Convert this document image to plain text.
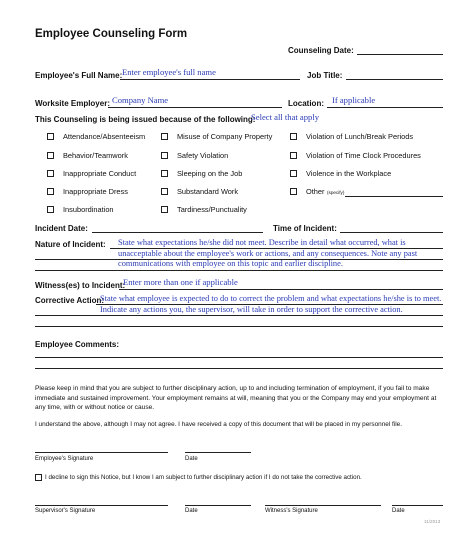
Employee Counseling Form
Counseling Date:
Employee's Full Name: Enter employee's full name	Job Title:
Worksite Employer: Company Name	Location: If applicable
This Counseling is being issued because of the following:
Select all that apply
Attendance/Absenteeism
Behavior/Teamwork
Inappropriate Conduct
Inappropriate Dress
Insubordination
Misuse of Company Property
Safety Violation
Sleeping on the Job
Substandard Work
Tardiness/Punctuality
Violation of Lunch/Break Periods
Violation of Time Clock Procedures
Violence in the Workplace
Other (specify)
Incident Date:	Time of Incident:
Nature of Incident: State what expectations he/she did not meet. Describe in detail what occurred, what is unacceptable about the employee's work or actions, and any consequences. Note any past communications with employee on this topic and earlier discipline.
Witness(es) to Incident:
Enter more than one if applicable
Corrective Action:
State what employee is expected to do to correct the problem and what expectations he/she is to meet. Indicate any actions you, the supervisor, will take in order to support the corrective action.
Employee Comments:
Please keep in mind that you are subject to further disciplinary action, up to and including termination of employment, if you fail to make immediate and sustained improvement. Your employment remains at will, meaning that you or the Company may end your employment at any time, with or without notice or cause.
I understand the above, although I may not agree. I have received a copy of this document that will be placed in my personnel file.
Employee's Signature	Date
I decline to sign this Notice, but I know I am subject to further disciplinary action if I do not take the corrective action.
Supervisor's Signature	Date	Witness's Signature	Date
11/2013
